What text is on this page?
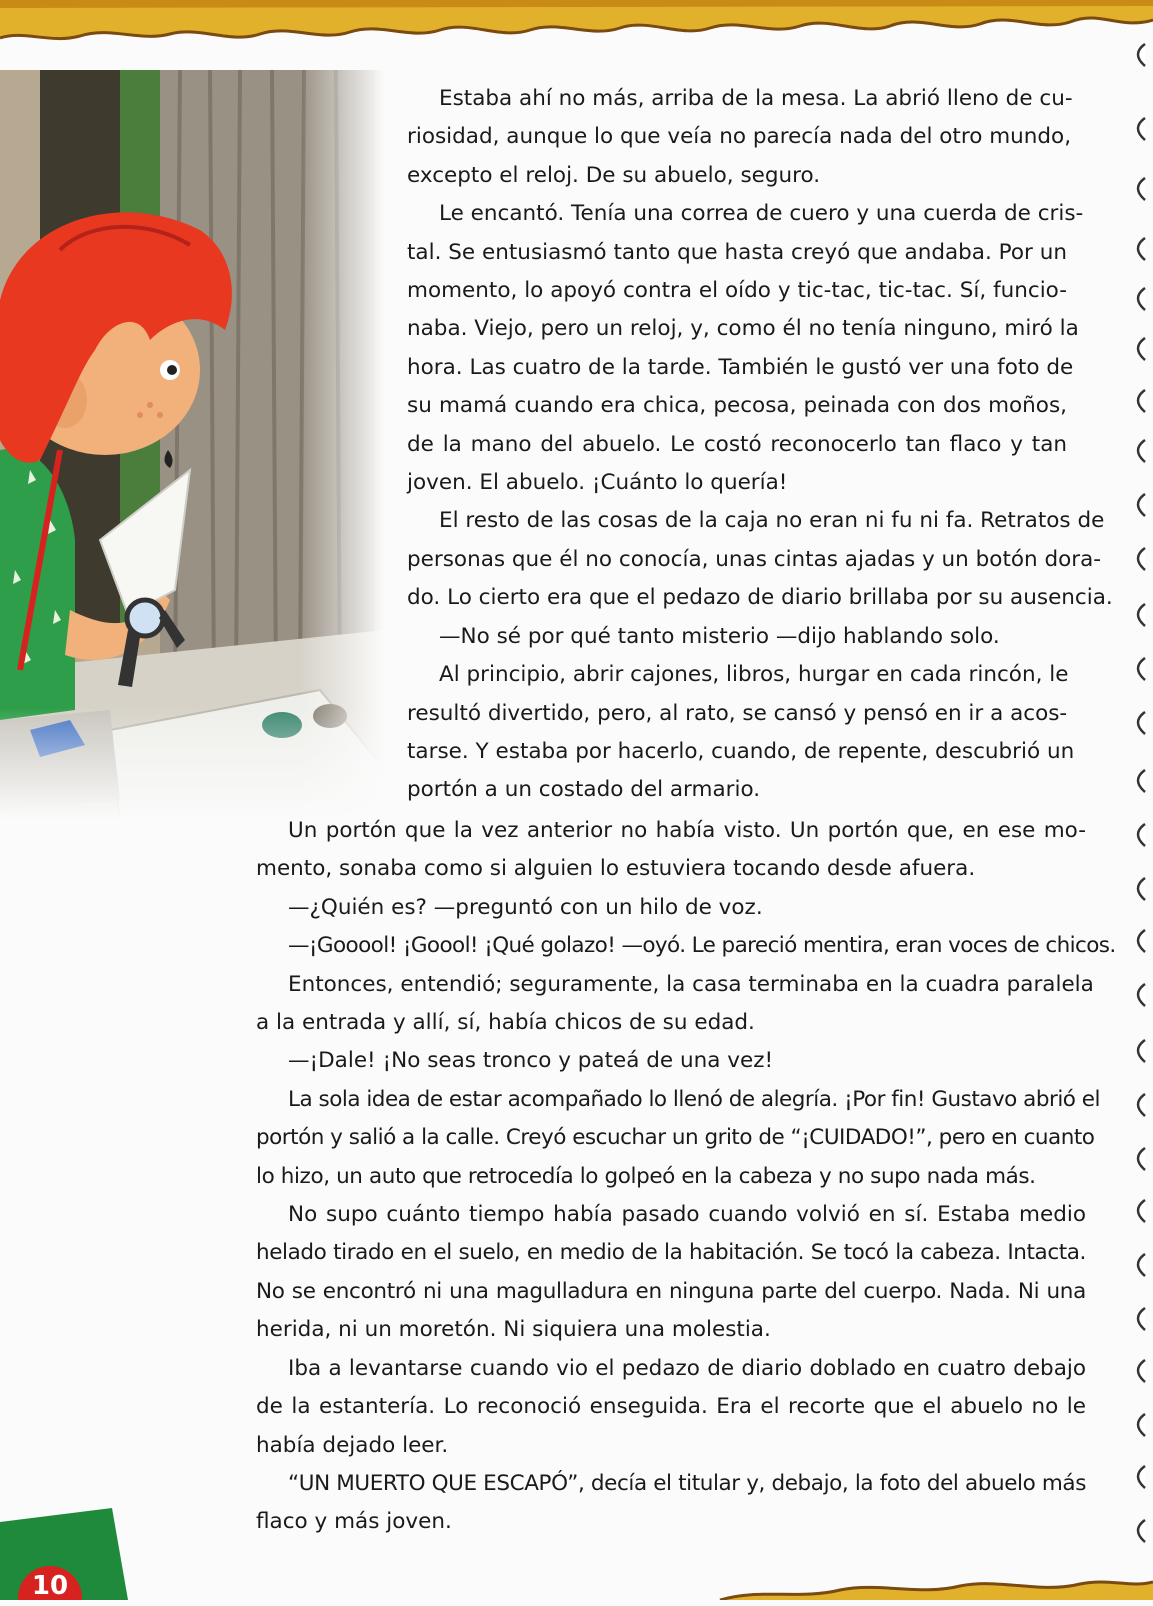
Estaba ahí no más, arriba de la mesa. La abrió lleno de cu-
riosidad, aunque lo que veía no parecía nada del otro mundo,
excepto el reloj. De su abuelo, seguro.
Le encantó. Tenía una correa de cuero y una cuerda de cris-
tal. Se entusiasmó tanto que hasta creyó que andaba. Por un
momento, lo apoyó contra el oído y tic-tac, tic-tac. Sí, funcio-
naba. Viejo, pero un reloj, y, como él no tenía ninguno, miró la
hora. Las cuatro de la tarde. También le gustó ver una foto de
su mamá cuando era chica, pecosa, peinada con dos moños,
de la mano del abuelo. Le costó reconocerlo tan flaco y tan
joven. El abuelo. ¡Cuánto lo quería!
El resto de las cosas de la caja no eran ni fu ni fa. Retratos de
personas que él no conocía, unas cintas ajadas y un botón dora-
do. Lo cierto era que el pedazo de diario brillaba por su ausencia.
—No sé por qué tanto misterio —dijo hablando solo.
Al principio, abrir cajones, libros, hurgar en cada rincón, le
resultó divertido, pero, al rato, se cansó y pensó en ir a acos-
tarse. Y estaba por hacerlo, cuando, de repente, descubrió un
portón a un costado del armario.
Un portón que la vez anterior no había visto. Un portón que, en ese mo-
mento, sonaba como si alguien lo estuviera tocando desde afuera.
—¿Quién es? —preguntó con un hilo de voz.
—¡Gooool! ¡Goool! ¡Qué golazo! —oyó. Le pareció mentira, eran voces de chicos.
Entonces, entendió; seguramente, la casa terminaba en la cuadra paralela
a la entrada y allí, sí, había chicos de su edad.
—¡Dale! ¡No seas tronco y pateá de una vez!
La sola idea de estar acompañado lo llenó de alegría. ¡Por fin! Gustavo abrió el
portón y salió a la calle. Creyó escuchar un grito de “¡CUIDADO!”, pero en cuanto
lo hizo, un auto que retrocedía lo golpeó en la cabeza y no supo nada más.
No supo cuánto tiempo había pasado cuando volvió en sí. Estaba medio
helado tirado en el suelo, en medio de la habitación. Se tocó la cabeza. Intacta.
No se encontró ni una magulladura en ninguna parte del cuerpo. Nada. Ni una
herida, ni un moretón. Ni siquiera una molestia.
Iba a levantarse cuando vio el pedazo de diario doblado en cuatro debajo
de la estantería. Lo reconoció enseguida. Era el recorte que el abuelo no le
había dejado leer.
“UN MUERTO QUE ESCAPÓ”, decía el titular y, debajo, la foto del abuelo más
flaco y más joven.
10
